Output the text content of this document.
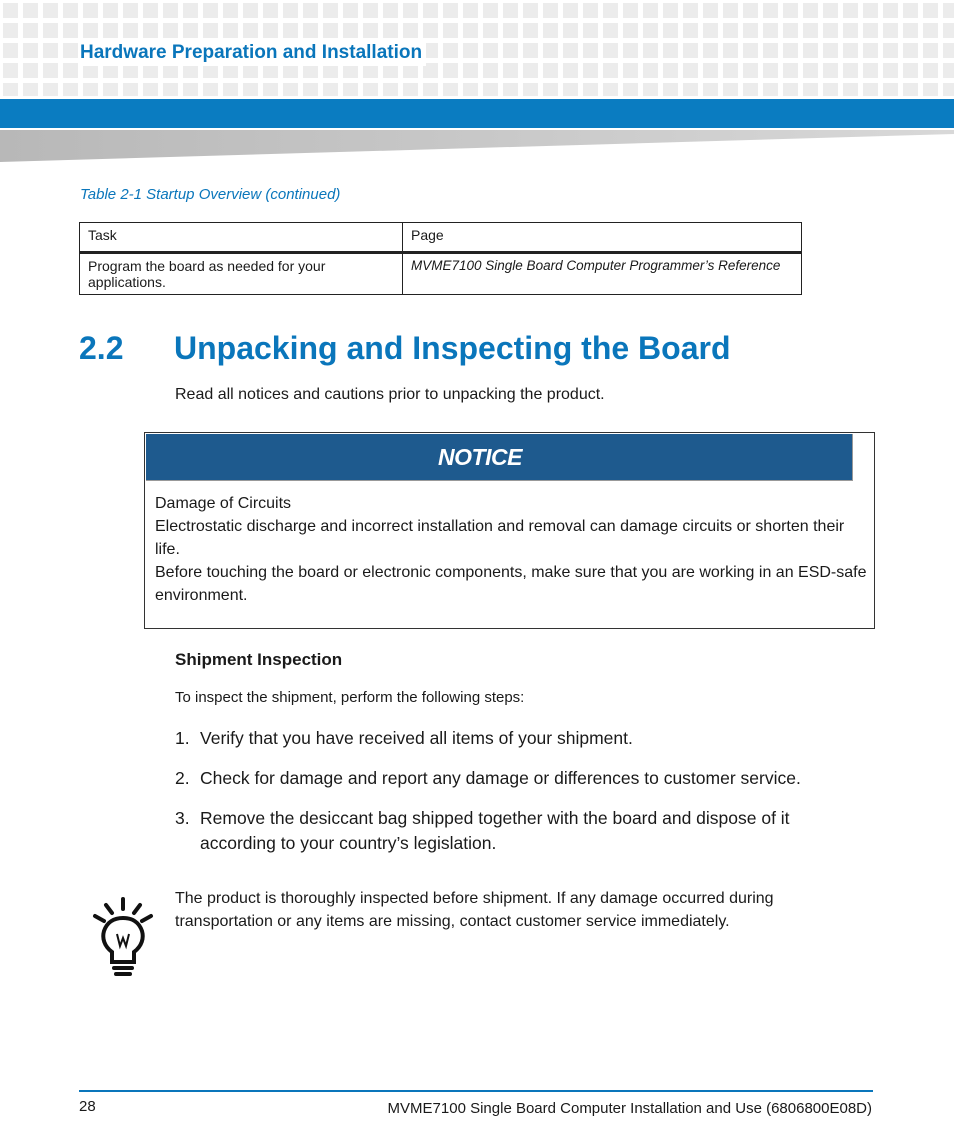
Hardware Preparation and Installation
Table 2-1 Startup Overview (continued)
Task	Page
Program the board as needed for your applications.	MVME7100 Single Board Computer Programmer’s Reference
2.2 Unpacking and Inspecting the Board
Read all notices and cautions prior to unpacking the product.
NOTICE

Damage of Circuits

Electrostatic discharge and incorrect installation and removal can damage circuits or shorten their life.

Before touching the board or electronic components, make sure that you are working in an ESD-safe environment.

Shipment Inspection
To inspect the shipment, perform the following steps:
1. Verify that you have received all items of your shipment.
2. Check for damage and report any damage or differences to customer service.
3. Remove the desiccant bag shipped together with the board and dispose of it according to your country’s legislation.
The product is thoroughly inspected before shipment. If any damage occurred during transportation or any items are missing, contact customer service immediately.
28	MVME7100 Single Board Computer Installation and Use (6806800E08D)
